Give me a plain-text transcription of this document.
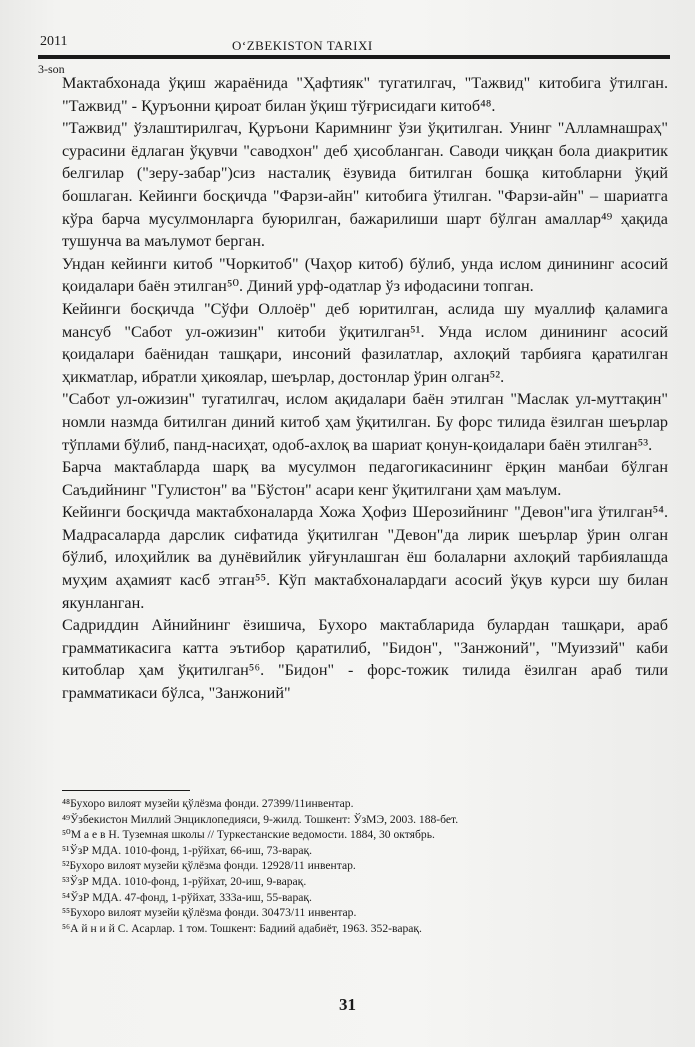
2011	O‘ZBEKISTON TARIXI
3-son

Мактабхонада ўқиш жараёнида "Ҳафтияк" тугатилгач, "Тажвид" китобига ўтилган. "Тажвид" - Қуръонни қироат билан ўқиш тўғрисидаги китоб⁴⁸.

"Тажвид" ўзлаштирилгач, Қуръони Каримнинг ўзи ўқитилган. Унинг "Алламнашраҳ" сурасини ёдлаган ўқувчи "саводхон" деб ҳисобланган. Саводи чиққан бола диакритик белгилар ("зеру-забар")сиз насталиқ ёзувида битилган бошқа китобларни ўқий бошлаган. Кейинги босқичда "Фарзи-айн" китобига ўтилган. "Фарзи-айн" – шариатга кўра барча мусулмонларга буюрилган, бажарилиши шарт бўлган амаллар⁴⁹ ҳақида тушунча ва маълумот берган.

Ундан кейинги китоб "Чоркитоб" (Чаҳор китоб) бўлиб, унда ислом динининг асосий қоидалари баён этилган⁵⁰. Диний урф-одатлар ўз ифодасини топган.

Кейинги босқичда "Сўфи Оллоёр" деб юритилган, аслида шу муаллиф қаламига мансуб "Сабот ул-ожизин" китоби ўқитилган⁵¹. Унда ислом динининг асосий қоидалари баёнидан ташқари, инсоний фазилатлар, ахлоқий тарбияга қаратилган ҳикматлар, ибратли ҳикоялар, шеърлар, достонлар ўрин олган⁵².

"Сабот ул-ожизин" тугатилгач, ислом ақидалари баён этилган "Маслак ул-муттақин" номли назмда битилган диний китоб ҳам ўқитилган. Бу форс тилида ёзилган шеърлар тўплами бўлиб, панд-насиҳат, одоб-ахлоқ ва шариат қонун-қоидалари баён этилган⁵³.

Барча мактабларда шарқ ва мусулмон педагогикасининг ёрқин манбаи бўлган Саъдийнинг "Гулистон" ва "Бўстон" асари кенг ўқитилгани ҳам маълум.

Кейинги босқичда мактабхоналарда Хожа Ҳофиз Шерозийнинг "Девон"ига ўтилган⁵⁴. Мадрасаларда дарслик сифатида ўқитилган "Девон"да лирик шеърлар ўрин олган бўлиб, илоҳийлик ва дунёвийлик уйғунлашган ёш болаларни ахлоқий тарбиялашда муҳим аҳамият касб этган⁵⁵. Кўп мактабхоналардаги асосий ўқув курси шу билан якунланган.

Садриддин Айнийнинг ёзишича, Бухоро мактабларида булардан ташқари, араб грамматикасига катта эътибор қаратилиб, "Бидон", "Занжоний", "Муиззий" каби китоблар ҳам ўқитилган⁵⁶. "Бидон" - форс-тожик тилида ёзилган араб тили грамматикаси бўлса, "Занжоний"

⁴⁸Бухоро вилоят музейи қўлёзма фонди. 27399/11инвентар.
⁴⁹Ўзбекистон Миллий Энциклопедияси, 9-жилд. Тошкент: ЎзМЭ, 2003. 188-бет.
⁵⁰М а е в Н. Туземная школы // Туркестанские ведомости. 1884, 30 октябрь.
⁵¹ЎзР МДА. 1010-фонд, 1-рўйхат, 66-иш, 73-варақ.
⁵²Бухоро вилоят музейи қўлёзма фонди. 12928/11 инвентар.
⁵³ЎзР МДА. 1010-фонд, 1-рўйхат, 20-иш, 9-варақ.
⁵⁴ЎзР МДА. 47-фонд, 1-рўйхат, 333а-иш, 55-варақ.
⁵⁵Бухоро вилоят музейи қўлёзма фонди. 30473/11 инвентар.
⁵⁶А й н и й С. Асарлар. 1 том. Тошкент: Бадиий адабиёт, 1963. 352-варақ.
31
